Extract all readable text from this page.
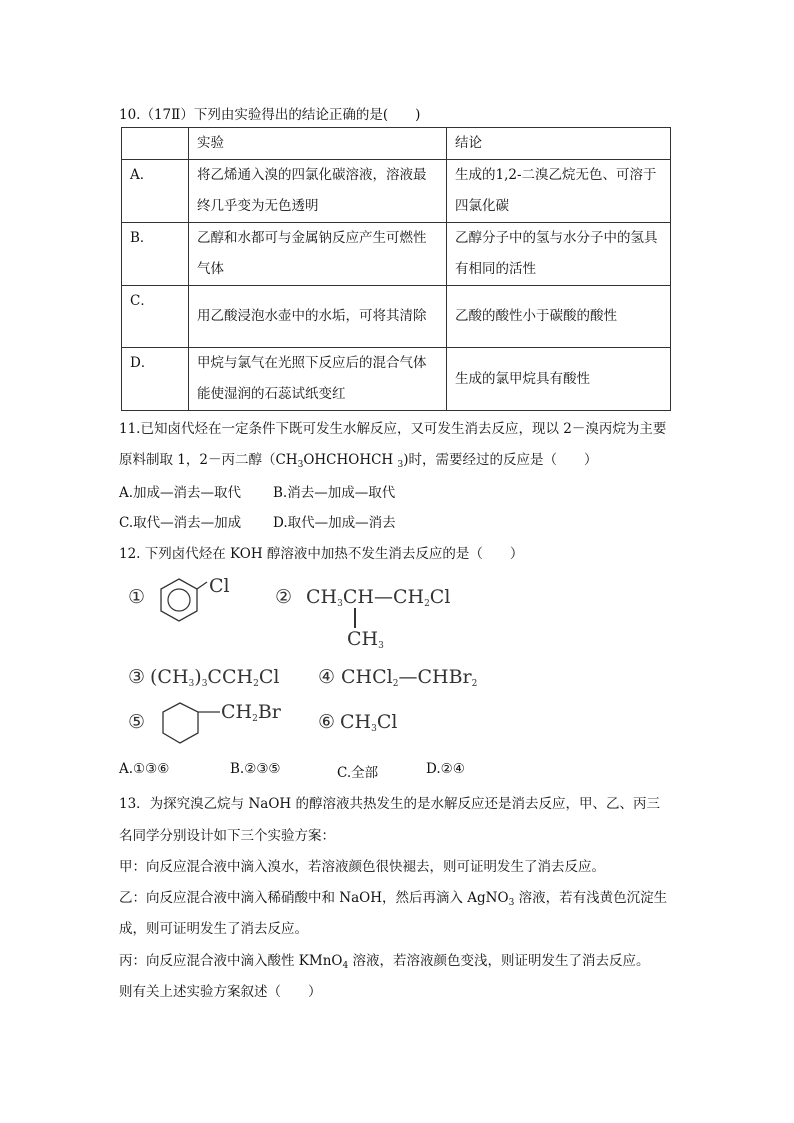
10.（17Ⅱ）下列由实验得出的结论正确的是(　　)
	实验	结论
A．	将乙烯通入溴的四氯化碳溶液，溶液最
终几乎变为无色透明	生成的1,2-二溴乙烷无色、可溶于
四氯化碳
B．	乙醇和水都可与金属钠反应产生可燃性
气体	乙醇分子中的氢与水分子中的氢具
有相同的活性
C．	用乙酸浸泡水壶中的水垢，可将其清除	乙酸的酸性小于碳酸的酸性
D．	甲烷与氯气在光照下反应后的混合气体
能使湿润的石蕊试纸变红	生成的氯甲烷具有酸性
11.已知卤代烃在一定条件下既可发生水解反应，又可发生消去反应，现以 2－溴丙烷为主要
原料制取 1，2－丙二醇（$CH_3OHCHOHCH$ $_3$)时，需要经过的反应是（　　）
A.加成—消去—取代 B.消去—加成—取代
C.取代—消去—加成 D.取代—加成—消去
12. 下列卤代烃在 KOH 醇溶液中加热不发生消去反应的是（　　）
①	Cl ② $CH_3CH—CH_2Cl$
$CH_3$
③ $(CH_3)_3CCH_2Cl$ ④ CHCl$_2$—CHBr$_2$
⑤	$CH_2Br$ ⑥ $CH_3Cl$
A.①③⑥	B.②③⑤	C.全部	D.②④
13．为探究溴乙烷与 NaOH 的醇溶液共热发生的是水解反应还是消去反应，甲、乙、丙三
名同学分别设计如下三个实验方案：
甲：向反应混合液中滴入溴水，若溶液颜色很快褪去，则可证明发生了消去反应。
乙：向反应混合液中滴入稀硝酸中和 NaOH，然后再滴入 AgNO$_3$ 溶液，若有浅黄色沉淀生
成，则可证明发生了消去反应。
丙：向反应混合液中滴入酸性 KMnO$_4$ 溶液，若溶液颜色变浅，则证明发生了消去反应。
则有关上述实验方案叙述（　　）
